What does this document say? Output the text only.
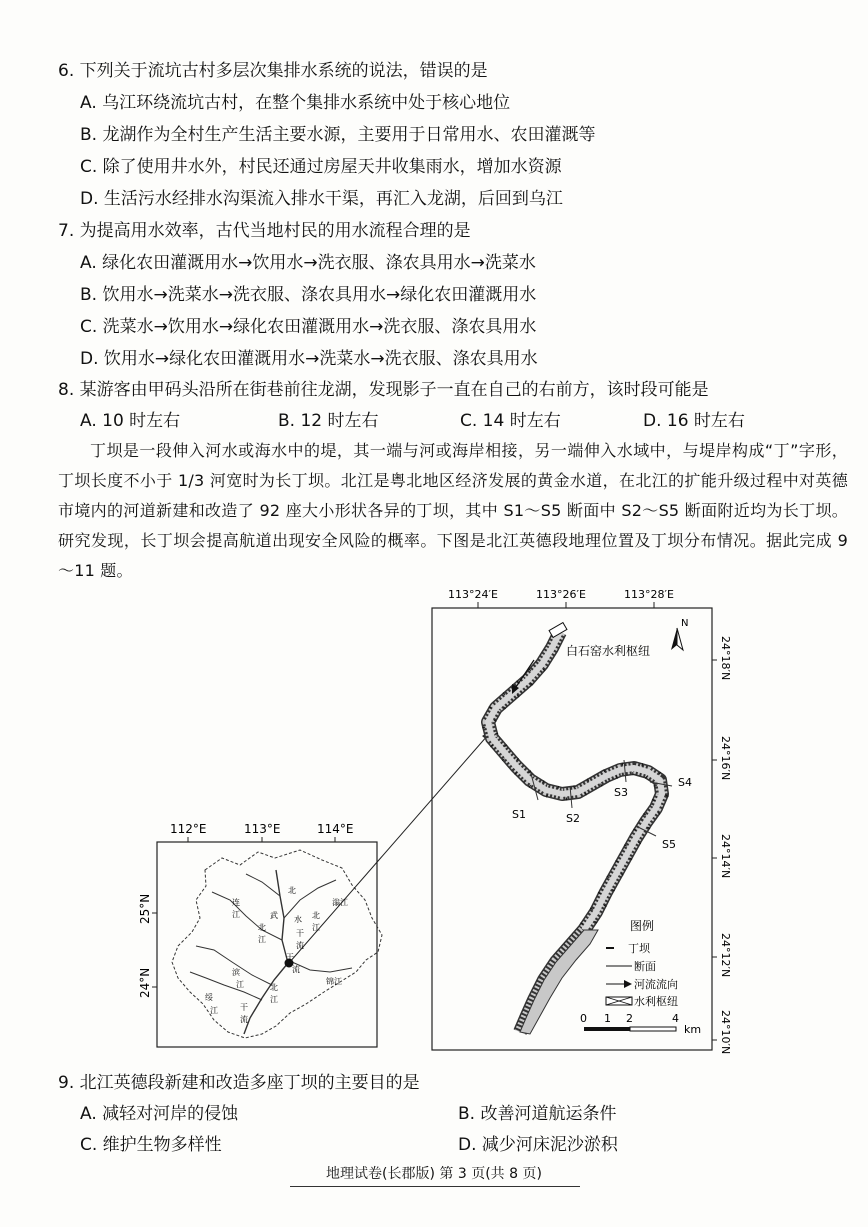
6. 下列关于流坑古村多层次集排水系统的说法，错误的是
A. 乌江环绕流坑古村，在整个集排水系统中处于核心地位
B. 龙湖作为全村生产生活主要水源，主要用于日常用水、农田灌溉等
C. 除了使用井水外，村民还通过房屋天井收集雨水，增加水资源
D. 生活污水经排水沟渠流入排水干渠，再汇入龙湖，后回到乌江
7. 为提高用水效率，古代当地村民的用水流程合理的是
A. 绿化农田灌溉用水→饮用水→洗衣服、涤农具用水→洗菜水
B. 饮用水→洗菜水→洗衣服、涤农具用水→绿化农田灌溉用水
C. 洗菜水→饮用水→绿化农田灌溉用水→洗衣服、涤农具用水
D. 饮用水→绿化农田灌溉用水→洗菜水→洗衣服、涤农具用水
8. 某游客由甲码头沿所在街巷前往龙湖，发现影子一直在自己的右前方，该时段可能是
A. 10 时左右	B. 12 时左右	C. 14 时左右	D. 16 时左右

丁坝是一段伸入河水或海水中的堤，其一端与河或海岸相接，另一端伸入水域中，与堤岸构成“丁”字形，丁坝长度不小于 1/3 河宽时为长丁坝。北江是粤北地区经济发展的黄金水道，在北江的扩能升级过程中对英德市境内的河道新建和改造了 92 座大小形状各异的丁坝，其中 S1～S5 断面中 S2～S5 断面附近均为长丁坝。研究发现，长丁坝会提高航道出现安全风险的概率。下图是北江英德段地理位置及丁坝分布情况。据此完成 9～11 题。

112°E	113°E	114°E
25°N
24°N
滃江
北
江
连
江
北
江
滨
江
绥
江	干
流
北
江
锦江
干
流
武 水
北
干
流
113°24′E	113°26′E	113°28′E
24°18′N
24°16′N
24°14′N
24°12′N
24°10′N
N
白石窑水利枢纽
S1	S2
S3
S4
S5
图例
丁坝
断面
河流流向
水利枢纽
0 1 2	4
km
9. 北江英德段新建和改造多座丁坝的主要目的是
A. 减轻对河岸的侵蚀	B. 改善河道航运条件
C. 维护生物多样性	D. 减少河床泥沙淤积
地理试卷(长郡版) 第 3 页(共 8 页)
